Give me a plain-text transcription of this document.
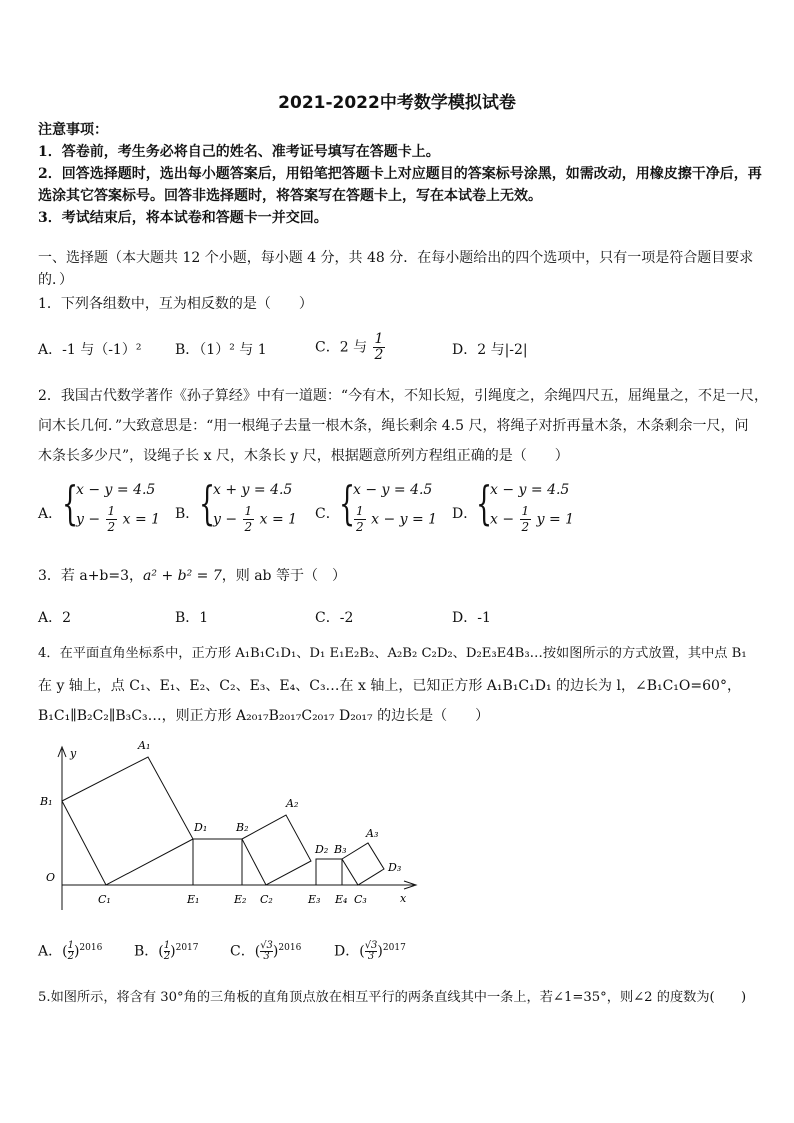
2021-2022中考数学模拟试卷
注意事项：
1．答卷前，考生务必将自己的姓名、准考证号填写在答题卡上。
2．回答选择题时，选出每小题答案后，用铅笔把答题卡上对应题目的答案标号涂黑，如需改动，用橡皮擦干净后，再
选涂其它答案标号。回答非选择题时，将答案写在答题卡上，写在本试卷上无效。
3．考试结束后，将本试卷和答题卡一并交回。
一、选择题（本大题共 12 个小题，每小题 4 分，共 48 分．在每小题给出的四个选项中，只有一项是符合题目要求
的．）
1．下列各组数中，互为相反数的是（　　）
A．-1 与（-1）² B．（1）² 与 1	C．2 与 $\frac{1}{2}$	D．2 与|-2|
2．我国古代数学著作《孙子算经》中有一道题：“今有木，不知长短，引绳度之，余绳四尺五，屈绳量之，不足一尺，
问木长几何．”大致意思是：“用一根绳子去量一根木条，绳长剩余 4.5 尺，将绳子对折再量木条，木条剩余一尺，问
木条长多少尺”，设绳子长 x 尺，木条长 y 尺，根据题意所列方程组正确的是（　　）
A． {
x − y = 4.5
$y - \frac{1}{2}$ x = 1 B． {
x + y = 4.5
$y - \frac{1}{2}$ x = 1 C． {
x − y = 4.5
$\frac{1}{2}$ x − y = 1 D．
{
x − y = 4.5
$x - \frac{1}{2}$ y = 1
3．若 a+b=3，a² + b² = 7，则 ab 等于（　）
A．2	B．1	C．-2	D．-1
4．在平面直角坐标系中，正方形 A₁B₁C₁D₁、D₁ E₁E₂B₂、A₂B₂ C₂D₂、D₂E₃E4B₃…按如图所示的方式放置，其中点 B₁
在 y 轴上，点 C₁、E₁、E₂、C₂、E₃、E₄、C₃…在 x 轴上，已知正方形 A₁B₁C₁D₁ 的边长为 l，∠B₁C₁O=60°，
B₁C₁∥B₂C₂∥B₃C₃…，则正方形 A₂₀₁₇B₂₀₁₇C₂₀₁₇ D₂₀₁₇ 的边长是（　　）
y
x
O
A₁
B₁
C₁
D₁
E₁	E₂
B₂
A₂
C₂
D₂ B₃
E₃ E₄ C₃
A₃
D₃
A．( $\frac{1}{2} )^{2016}$ B．( $\frac{1}{2} )^{2017}$ C．( $\frac{√3}{3} )^{2016}$ D．( $\frac{√3}{3} )^{2017}$
5.如图所示，将含有 30°角的三角板的直角顶点放在相互平行的两条直线其中一条上，若∠1=35°，则∠2 的度数为(　　)
